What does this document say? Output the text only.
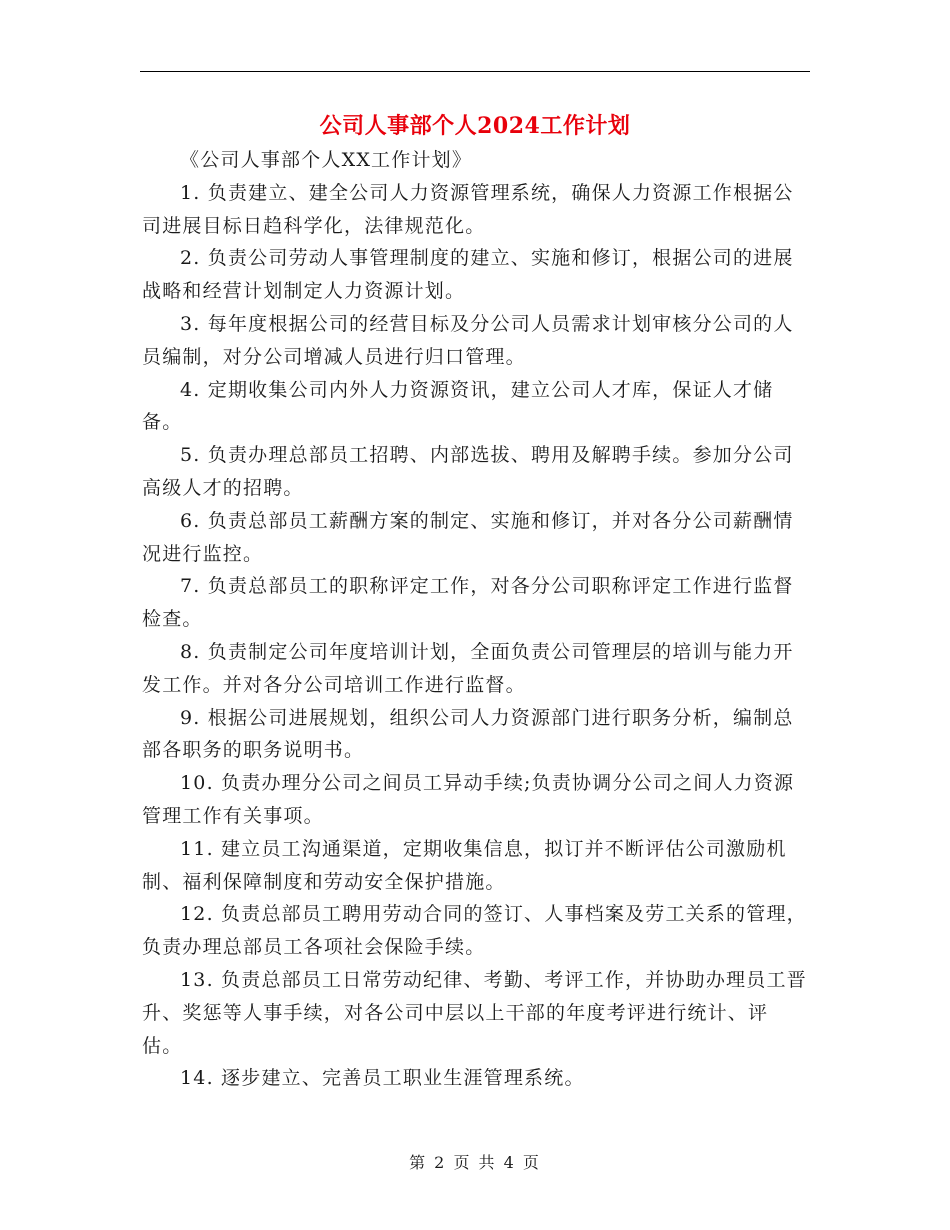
公司人事部个人2024工作计划

《公司人事部个人XX工作计划》

1. 负责建立、建全公司人力资源管理系统，确保人力资源工作根据公司进展目标日趋科学化，法律规范化。

2. 负责公司劳动人事管理制度的建立、实施和修订，根据公司的进展战略和经营计划制定人力资源计划。

3. 每年度根据公司的经营目标及分公司人员需求计划审核分公司的人员编制，对分公司增减人员进行归口管理。

4. 定期收集公司内外人力资源资讯，建立公司人才库，保证人才储备。

5. 负责办理总部员工招聘、内部选拔、聘用及解聘手续。参加分公司高级人才的招聘。

6. 负责总部员工薪酬方案的制定、实施和修订，并对各分公司薪酬情况进行监控。

7. 负责总部员工的职称评定工作，对各分公司职称评定工作进行监督检查。

8. 负责制定公司年度培训计划，全面负责公司管理层的培训与能力开发工作。并对各分公司培训工作进行监督。

9. 根据公司进展规划，组织公司人力资源部门进行职务分析，编制总部各职务的职务说明书。

10. 负责办理分公司之间员工异动手续;负责协调分公司之间人力资源管理工作有关事项。

11. 建立员工沟通渠道，定期收集信息，拟订并不断评估公司激励机制、福利保障制度和劳动安全保护措施。

12. 负责总部员工聘用劳动合同的签订、人事档案及劳工关系的管理，负责办理总部员工各项社会保险手续。

13. 负责总部员工日常劳动纪律、考勤、考评工作，并协助办理员工晋升、奖惩等人事手续，对各公司中层以上干部的年度考评进行统计、评估。

14. 逐步建立、完善员工职业生涯管理系统。

第 2 页 共 4 页
